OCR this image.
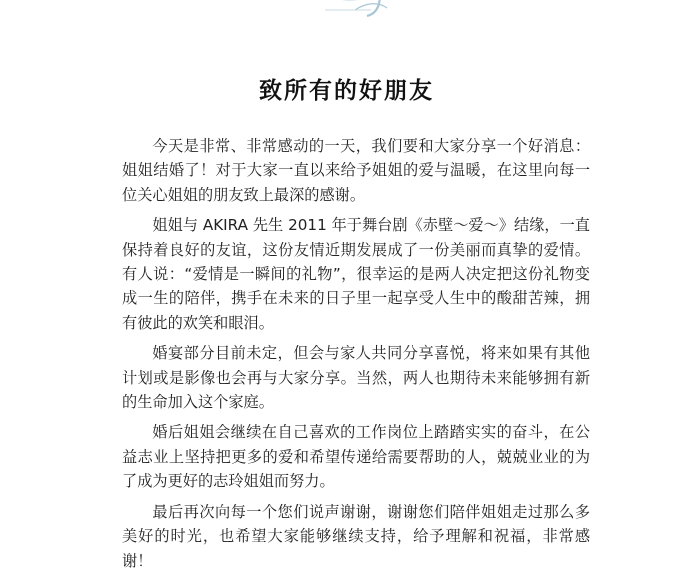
致所有的好朋友

今天是非常、非常感动的一天，我们要和大家分享一个好消息：姐姐结婚了！对于大家一直以来给予姐姐的爱与温暖，在这里向每一位关心姐姐的朋友致上最深的感谢。

姐姐与 AKIRA 先生 2011 年于舞台剧《赤壁～爱～》结缘，一直保持着良好的友谊，这份友情近期发展成了一份美丽而真挚的爱情。有人说：“爱情是一瞬间的礼物”，很幸运的是两人决定把这份礼物变成一生的陪伴，携手在未来的日子里一起享受人生中的酸甜苦辣，拥有彼此的欢笑和眼泪。

婚宴部分目前未定，但会与家人共同分享喜悦，将来如果有其他计划或是影像也会再与大家分享。当然，两人也期待未来能够拥有新的生命加入这个家庭。

婚后姐姐会继续在自己喜欢的工作岗位上踏踏实实的奋斗，在公益志业上坚持把更多的爱和希望传递给需要帮助的人，兢兢业业的为了成为更好的志玲姐姐而努力。

最后再次向每一个您们说声谢谢，谢谢您们陪伴姐姐走过那么多美好的时光，也希望大家能够继续支持，给予理解和祝福，非常感谢！
